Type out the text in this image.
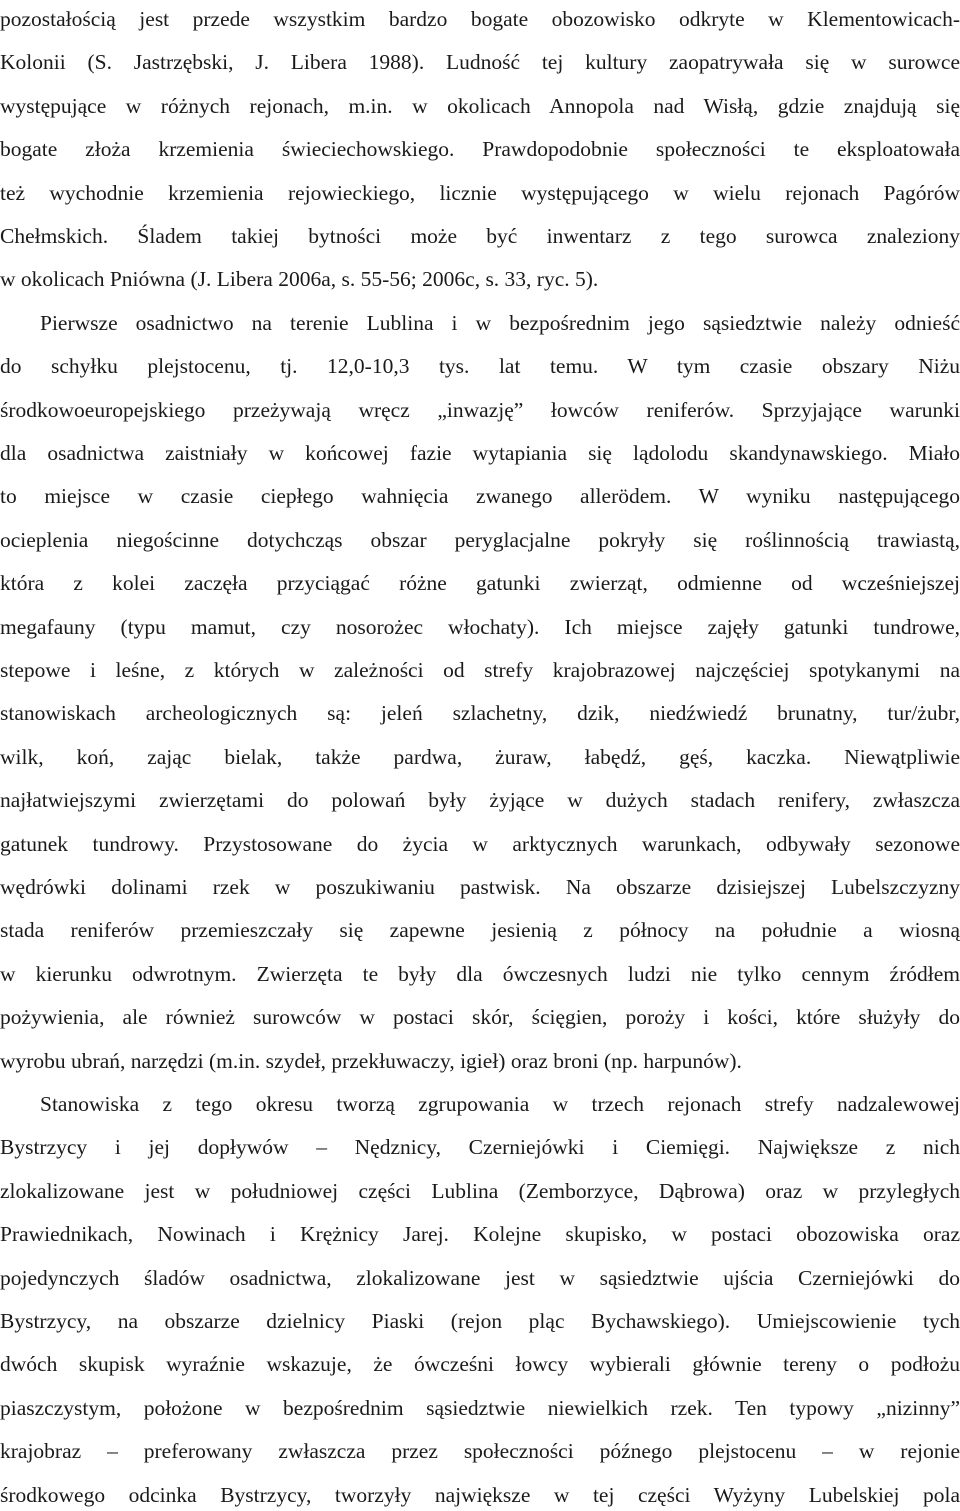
pozostałością jest przede wszystkim bardzo bogate obozowisko odkryte w Klementowicach-
Kolonii (S. Jastrzębski, J. Libera 1988). Ludność tej kultury zaopatrywała się w surowce
występujące w różnych rejonach, m.in. w okolicach Annopola nad Wisłą, gdzie znajdują się
bogate złoża krzemienia świeciechowskiego. Prawdopodobnie społeczności te eksploatowała
też wychodnie krzemienia rejowieckiego, licznie występującego w wielu rejonach Pagórów
Chełmskich. Śladem takiej bytności może być inwentarz z tego surowca znaleziony
w okolicach Pniówna (J. Libera 2006a, s. 55-56; 2006c, s. 33, ryc. 5).
Pierwsze osadnictwo na terenie Lublina i w bezpośrednim jego sąsiedztwie należy odnieść
do schyłku plejstocenu, tj. 12,0-10,3 tys. lat temu. W tym czasie obszary Niżu
środkowoeuropejskiego przeżywają wręcz „inwazję” łowców reniferów. Sprzyjające warunki
dla osadnictwa zaistniały w końcowej fazie wytapiania się lądolodu skandynawskiego. Miało
to miejsce w czasie ciepłego wahnięcia zwanego allerödem. W wyniku następującego
ocieplenia niegościnne dotychcząs obszar peryglacjalne pokryły się roślinnością trawiastą,
która z kolei zaczęła przyciągać różne gatunki zwierząt, odmienne od wcześniejszej
megafauny (typu mamut, czy nosorożec włochaty). Ich miejsce zajęły gatunki tundrowe,
stepowe i leśne, z których w zależności od strefy krajobrazowej najczęściej spotykanymi na
stanowiskach archeologicznych są: jeleń szlachetny, dzik, niedźwiedź brunatny, tur/żubr,
wilk, koń, zając bielak, także pardwa, żuraw, łabędź, gęś, kaczka. Niewątpliwie
najłatwiejszymi zwierzętami do polowań były żyjące w dużych stadach renifery, zwłaszcza
gatunek tundrowy. Przystosowane do życia w arktycznych warunkach, odbywały sezonowe
wędrówki dolinami rzek w poszukiwaniu pastwisk. Na obszarze dzisiejszej Lubelszczyzny
stada reniferów przemieszczały się zapewne jesienią z północy na południe a wiosną
w kierunku odwrotnym. Zwierzęta te były dla ówczesnych ludzi nie tylko cennym źródłem
pożywienia, ale również surowców w postaci skór, ścięgien, poroży i kości, które służyły do
wyrobu ubrań, narzędzi (m.in. szydeł, przekłuwaczy, igieł) oraz broni (np. harpunów).
Stanowiska z tego okresu tworzą zgrupowania w trzech rejonach strefy nadzalewowej
Bystrzycy i jej dopływów – Nędznicy, Czerniejówki i Ciemięgi. Największe z nich
zlokalizowane jest w południowej części Lublina (Zemborzyce, Dąbrowa) oraz w przyległych
Prawiednikach, Nowinach i Krężnicy Jarej. Kolejne skupisko, w postaci obozowiska oraz
pojedynczych śladów osadnictwa, zlokalizowane jest w sąsiedztwie ujścia Czerniejówki do
Bystrzycy, na obszarze dzielnicy Piaski (rejon pląc Bychawskiego). Umiejscowienie tych
dwóch skupisk wyraźnie wskazuje, że ówcześni łowcy wybierali głównie tereny o podłożu
piaszczystym, położone w bezpośrednim sąsiedztwie niewielkich rzek. Ten typowy „nizinny”
krajobraz – preferowany zwłaszcza przez społeczności późnego plejstocenu – w rejonie
środkowego odcinka Bystrzycy, tworzyły największe w tej części Wyżyny Lubelskiej pola
